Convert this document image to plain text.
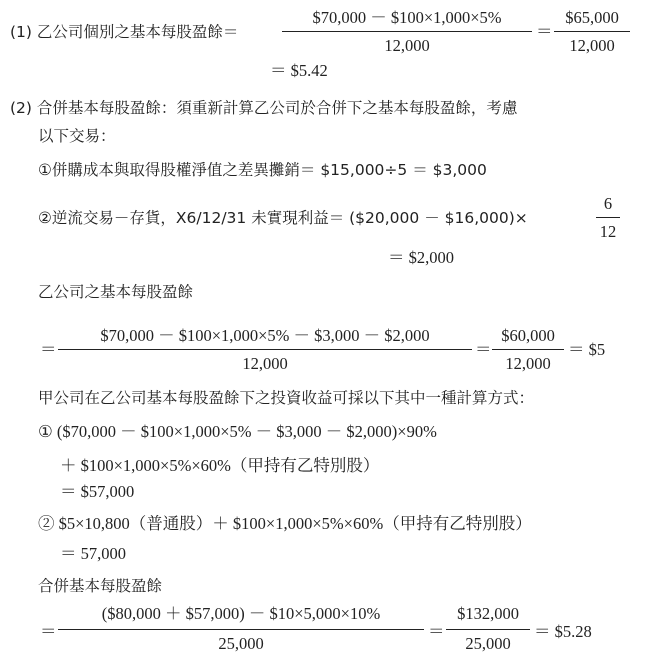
(1) 乙公司個別之基本每股盈餘＝
$70,000 － $100×1,000×5%
12,000
＝
$65,000
12,000
＝ $5.42
(2) 合併基本每股盈餘：須重新計算乙公司於合併下之基本每股盈餘，考慮
以下交易：
①併購成本與取得股權淨值之差異攤銷＝ $15,000÷5 ＝ $3,000
②逆流交易－存貨，X6/12/31 未實現利益＝ ($20,000 － $16,000)×
6
12
＝ $2,000
乙公司之基本每股盈餘
＝
$70,000 － $100×1,000×5% － $3,000 － $2,000
12,000
＝
$60,000
12,000
＝ $5
甲公司在乙公司基本每股盈餘下之投資收益可採以下其中一種計算方式：
① ($70,000 － $100×1,000×5% － $3,000 － $2,000)×90%
＋ $100×1,000×5%×60%（甲持有乙特別股）
＝ $57,000
② $5×10,800（普通股）＋ $100×1,000×5%×60%（甲持有乙特別股）
＝ 57,000
合併基本每股盈餘
＝
($80,000 ＋ $57,000) － $10×5,000×10%
25,000
＝
$132,000
25,000
＝ $5.28
